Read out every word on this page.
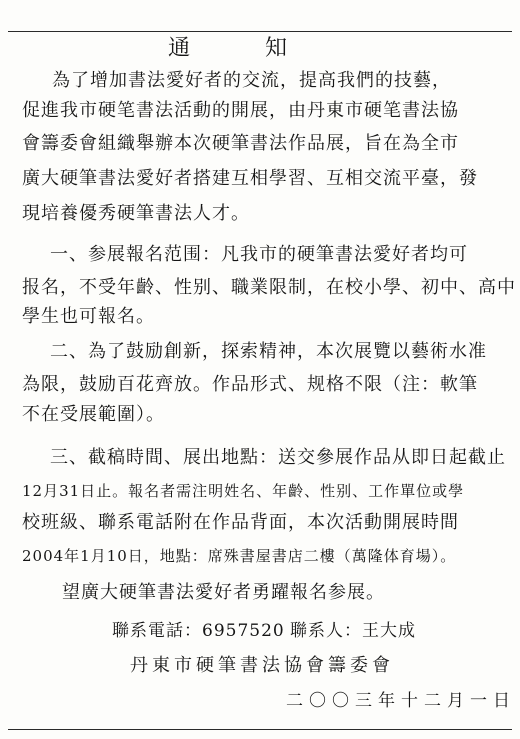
通 知
為了增加書法愛好者的交流，提高我們的技藝，
促進我市硬笔書法活動的開展，由丹東市硬笔書法協
會籌委會組織舉辦本次硬筆書法作品展，旨在為全市
廣大硬筆書法愛好者搭建互相學習、互相交流平臺，發
現培養優秀硬筆書法人才。
一、参展報名范围：凡我市的硬筆書法愛好者均可
报名，不受年齡、性别、職業限制，在校小學、初中、高中
學生也可報名。
二、為了鼓励創新，探索精神，本次展覽以藝術水准
為限，鼓励百花齊放。作品形式、规格不限（注：軟筆
不在受展範圍）。
三、截稿時間、展出地點：送交參展作品从即日起截止
12月31日止。報名者需注明姓名、年齡、性别、工作單位或學
校班級、聯系電話附在作品背面，本次活動開展時間
2004年1月10日，地點：席殊書屋書店二樓（萬隆体育場）。
望廣大硬筆書法愛好者勇躍報名参展。
聯系電話：6957520 聯系人：王大成
丹東市硬筆書法協會籌委會
二〇〇三年十二月一日
